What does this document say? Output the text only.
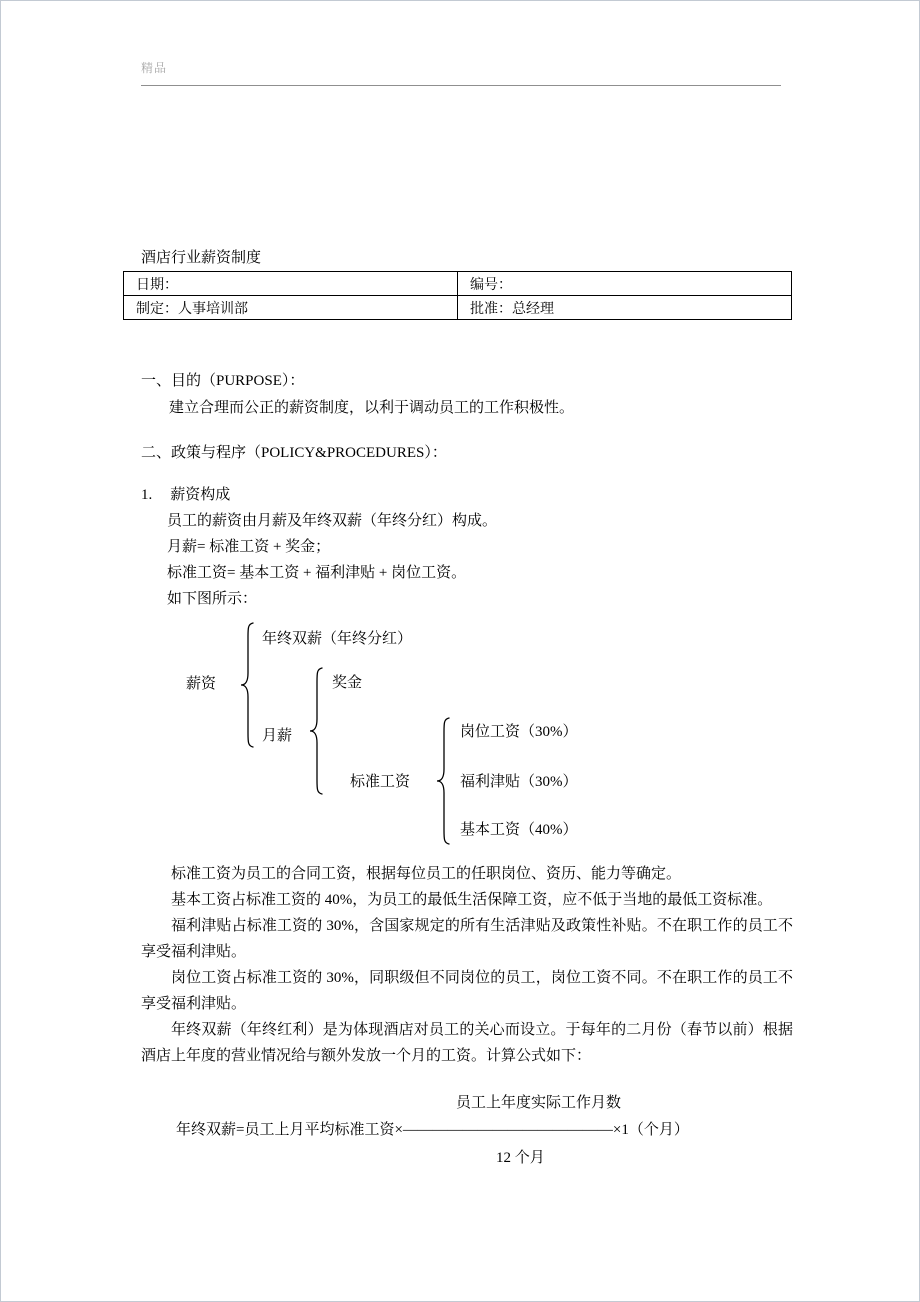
精品
酒店行业薪资制度
日期：	编号：
制定：人事培训部	批准：总经理
一、目的（PURPOSE）：
建立合理而公正的薪资制度，以利于调动员工的工作积极性。
二、政策与程序（POLICY&PROCEDURES）：
1. 薪资构成
员工的薪资由月薪及年终双薪（年终分红）构成。
月薪= 标准工资 + 奖金；
标准工资= 基本工资 + 福利津贴 + 岗位工资。
如下图所示：
薪资
年终双薪（年终分红）
月薪
奖金
标准工资
岗位工资（30%）
福利津贴（30%）
基本工资（40%）

标准工资为员工的合同工资，根据每位员工的任职岗位、资历、能力等确定。

基本工资占标准工资的 40%，为员工的最低生活保障工资，应不低于当地的最低工资标准。

福利津贴占标准工资的 30%，含国家规定的所有生活津贴及政策性补贴。不在职工作的员工不享受福利津贴。

岗位工资占标准工资的 30%，同职级但不同岗位的员工，岗位工资不同。不在职工作的员工不享受福利津贴。

年终双薪（年终红利）是为体现酒店对员工的关心而设立。于每年的二月份（春节以前）根据酒店上年度的营业情况给与额外发放一个月的工资。计算公式如下：

员工上年度实际工作月数
年终双薪=员工上月平均标准工资×——————————————×1（个月）
12 个月
